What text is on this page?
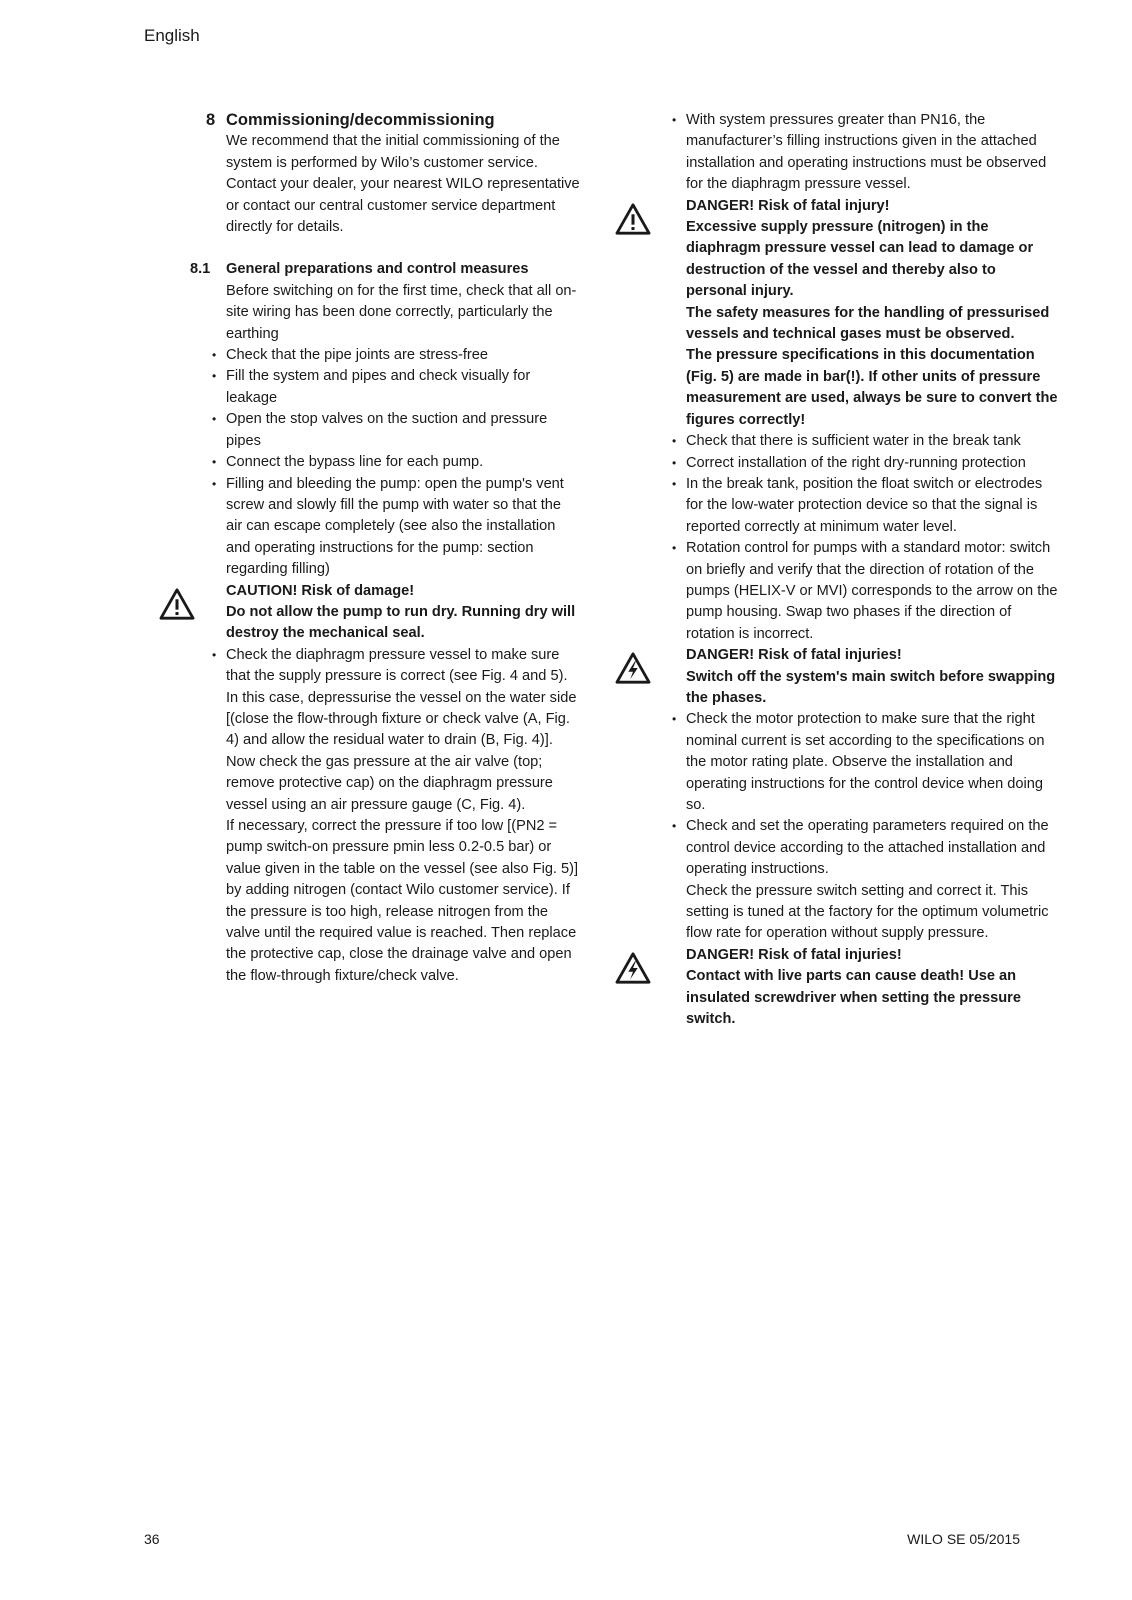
English
8 Commissioning/decommissioning

We recommend that the initial commissioning of the system is performed by Wilo’s customer service. Contact your dealer, your nearest WILO representative or contact our central customer service department directly for details.

8.1 General preparations and control measures

Before switching on for the first time, check that all on-site wiring has been done correctly, particularly the earthing

• Check that the pipe joints are stress-free
• Fill the system and pipes and check visually for leakage
• Open the stop valves on the suction and pressure pipes
• Connect the bypass line for each pump.
• Filling and bleeding the pump: open the pump's vent screw and slowly fill the pump with water so that the air can escape completely (see also the installation and operating instructions for the pump: section regarding filling)
CAUTION! Risk of damage!
Do not allow the pump to run dry. Running dry will destroy the mechanical seal.
• Check the diaphragm pressure vessel to make sure that the supply pressure is correct (see Fig. 4 and 5). In this case, depressurise the vessel on the water side [(close the flow-through fixture or check valve (A, Fig. 4) and allow the residual water to drain (B, Fig. 4)].

Now check the gas pressure at the air valve (top; remove protective cap) on the diaphragm pressure vessel using an air pressure gauge (C, Fig. 4).

If necessary, correct the pressure if too low [(PN2 = pump switch-on pressure pmin less 0.2-0.5 bar) or value given in the table on the vessel (see also Fig. 5)] by adding nitrogen (contact Wilo customer service). If the pressure is too high, release nitrogen from the valve until the required value is reached. Then replace the protective cap, close the drainage valve and open the flow-through fixture/check valve.

• With system pressures greater than PN16, the manufacturer’s filling instructions given in the attached installation and operating instructions must be observed for the diaphragm pressure vessel.
DANGER! Risk of fatal injury!
Excessive supply pressure (nitrogen) in the diaphragm pressure vessel can lead to damage or destruction of the vessel and thereby also to personal injury.
The safety measures for the handling of pressurised vessels and technical gases must be observed.
The pressure specifications in this documentation (Fig. 5) are made in bar(!). If other units of pressure measurement are used, always be sure to convert the figures correctly!
• Check that there is sufficient water in the break tank
• Correct installation of the right dry-running protection
• In the break tank, position the float switch or electrodes for the low-water protection device so that the signal is reported correctly at minimum water level.
• Rotation control for pumps with a standard motor: switch on briefly and verify that the direction of rotation of the pumps (HELIX-V or MVI) corresponds to the arrow on the pump housing. Swap two phases if the direction of rotation is incorrect.
DANGER! Risk of fatal injuries!
Switch off the system's main switch before swapping the phases.
• Check the motor protection to make sure that the right nominal current is set according to the specifications on the motor rating plate. Observe the installation and operating instructions for the control device when doing so.
• Check and set the operating parameters required on the control device according to the attached installation and operating instructions.

Check the pressure switch setting and correct it. This setting is tuned at the factory for the optimum volumetric flow rate for operation without supply pressure.

DANGER! Risk of fatal injuries!
Contact with live parts can cause death! Use an insulated screwdriver when setting the pressure switch.
36	WILO SE 05/2015
